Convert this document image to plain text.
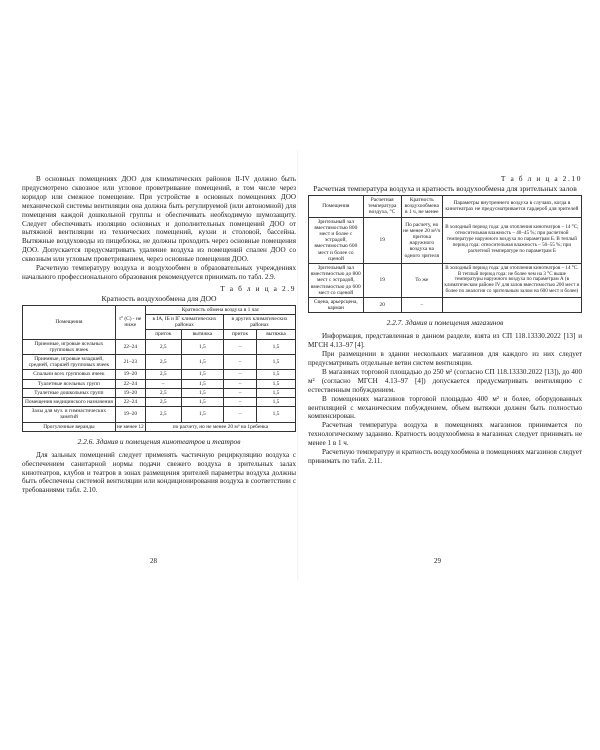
В основных помещениях ДОО для климатических районов II-IV должно быть предусмотрено сквозное или угловое проветривание помещений, в том числе через коридор или смежное помещение. При устройстве в основных помещениях ДОО механической системы вентиляции она должна быть регулируемой (или автономной) для помещения каждой дошкольной группы и обеспечивать необходимую шумозащиту. Следует обеспечивать изоляцию основных и дополнительных помещений ДОО от вытяжной вентиляции из технических помещений, кухни и столовой, бассейна. Вытяжные воздуховоды из пищеблока, не должны проходить через основные помещения ДОО. Допускается предусматривать удаление воздуха из помещений спален ДОО со сквозным или угловым проветриванием, через основные помещения ДОО.

Расчетную температуру воздуха и воздухообмен в образовательных учреждениях начального профессионального образования рекомендуется принимать по табл. 2.9.

Т а б л и ц а 2.9
Кратность воздухообмена для ДОО
Помещения	t° (С) - не ниже	Кратность обмена воздуха в 1 час			
		в IA, IБ и IГ климатических районах		в других климатических районах	
		приток	вытяжка	приток	вытяжка
Приемные, игровые ясельных групповых ячеек	22–24	2,5	1,5	–	1,5
Приемные, игровые младшей, средней, старшей групповых ячеек	21–23	2,5	1,5	–	1,5
Спальни всех групповых ячеек	19–20	2,5	1,5	–	1,5
Туалетные ясельных групп	22–24	–	1,5	–	1,5
Туалетные дошкольных групп	19–20	2,5	1,5	–	1,5
Помещения медицинского назначения	22–24	2,5	1,5	–	1,5
Залы для муз. и гимнастических занятий	19–20	2,5	1,5	–	1,5
Прогулочные веранды	не менее 12	по расчету, но не менее 20 м³ на 1ребенка			
2.2.6. Здания и помещения кинотеатров и театров

Для зальных помещений следует применять частичную рециркуляцию воздуха с обеспечением санитарной нормы подачи свежего воздуха в зрительных залах кинотеатров, клубов и театров в зонах размещения зрителей параметры воздуха должны быть обеспечены системой вентиляции или кондиционирования воздуха в соответствии с требованиями табл. 2.10.

Т а б л и ц а 2.10
Расчетная температура воздуха и кратность воздухообмена для зрительных залов
Помещения	Расчетная температура воздуха, °С	Кратность воздухообмена в 1 ч, не менее	Параметры внутреннего воздуха в случаях, когда в кинотеатрах не предусматривается гардероб для зрителей
Зрительный зал вместимостью 800 мест и более с эстрадой, вместимостью 600 мест и более со сценой	19	По расчету, но не менее 20 м³/ч притока наружного воздуха на одного зрителя	В холодный период года: для отопления кинотеатров – 14 °С; относительная влажность – 40–45 %; при расчетной температуре наружного воздуха по параметрам Б. В теплый период года: относительная влажность – 50–55 %; при расчетной температуре по параметрам Б
Зрительный зал вместимостью до 800 мест с эстрадой, вместимостью до 600 мест со сценой	19	То же	В холодный период года: для отопления кинотеатров – 14 °С. В теплый период года: не более чем на 3 °С выше температуры наружного воздуха по параметрам А (в климатическом районе IV для залов вместимостью 200 мест и более по аналогии со зрительным залом на 600 мест и более)
Сцена, арьерсцена, карман	20	–	
2.2.7. Здания и помещения магазинов

Информация, представленная в данном разделе, взята из СП 118.13330.2022 [13] и МГСН 4.13–97 [4].

При размещении в здании нескольких магазинов для каждого из них следует предусматривать отдельные ветви систем вентиляции.

В магазинах торговой площадью до 250 м² (согласно СП 118.13330.2022 [13]), до 400 м² (согласно МГСН 4.13–97 [4]) допускается предусматривать вентиляцию с естественным побуждением.

В помещениях магазинов торговой площадью 400 м² и более, оборудованных вентиляцией с механическим побуждением, объем вытяжки должен быть полностью компенсирован.

Расчетная температура воздуха в помещениях магазинов принимается по технологическому заданию. Кратность воздухообмена в магазинах следует принимать не менее 1 в 1 ч.

Расчетную температуру и кратность воздухообмена в помещениях магазинов следует принимать по табл. 2.11.

28	29
